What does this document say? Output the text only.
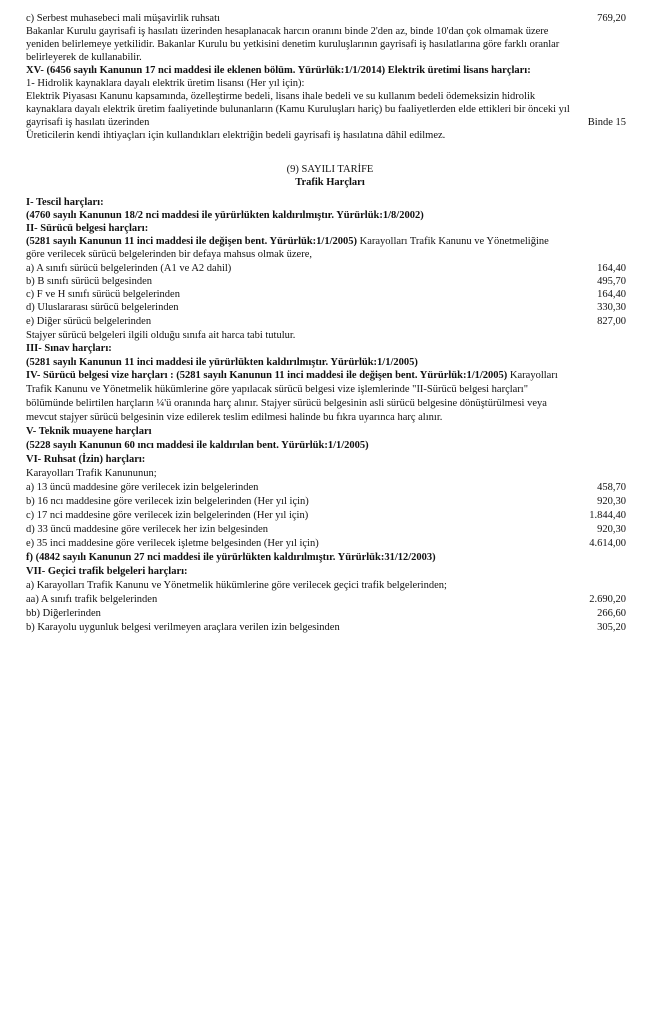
c) Serbest muhasebeci mali müşavirlik ruhsatı	769,20
Bakanlar Kurulu gayrisafi iş hasılatı üzerinden hesaplanacak harcın oranını binde 2'den az, binde 10'dan çok olmamak üzere
yeniden belirlemeye yetkilidir. Bakanlar Kurulu bu yetkisini denetim kuruluşlarının gayrisafi iş hasılatlarına göre farklı oranlar
belirleyerek de kullanabilir.
XV- (6456 sayılı Kanunun 17 nci maddesi ile eklenen bölüm. Yürürlük:1/1/2014) Elektrik üretimi lisans harçları:
1- Hidrolik kaynaklara dayalı elektrik üretim lisansı (Her yıl için):
Elektrik Piyasası Kanunu kapsamında, özelleştirme bedeli, lisans ihale bedeli ve su kullanım bedeli ödemeksizin hidrolik
kaynaklara dayalı elektrik üretim faaliyetinde bulunanların (Kamu Kuruluşları hariç) bu faaliyetlerden elde ettikleri bir önceki yıl
gayrisafi iş hasılatı üzerinden	Binde 15
Üreticilerin kendi ihtiyaçları için kullandıkları elektriğin bedeli gayrisafi iş hasılatına dâhil edilmez.
(9) SAYILI TARİFE
Trafik Harçları
I- Tescil harçları:
(4760 sayılı Kanunun 18/2 nci maddesi ile yürürlükten kaldırılmıştır. Yürürlük:1/8/2002)
II- Sürücü belgesi harçları:
(5281 sayılı Kanunun 11 inci maddesi ile değişen bent. Yürürlük:1/1/2005) Karayolları Trafik Kanunu ve Yönetmeliğine
göre verilecek sürücü belgelerinden bir defaya mahsus olmak üzere,
a) A sınıfı sürücü belgelerinden (A1 ve A2 dahil)	164,40
b) B sınıfı sürücü belgesinden	495,70
c) F ve H sınıfı sürücü belgelerinden	164,40
d) Uluslararası sürücü belgelerinden	330,30
e) Diğer sürücü belgelerinden	827,00
Stajyer sürücü belgeleri ilgili olduğu sınıfa ait harca tabi tutulur.
III- Sınav harçları:
(5281 sayılı Kanunun 11 inci maddesi ile yürürlükten kaldırılmıştır. Yürürlük:1/1/2005)
IV- Sürücü belgesi vize harçları : (5281 sayılı Kanunun 11 inci maddesi ile değişen bent. Yürürlük:1/1/2005) Karayolları
Trafik Kanunu ve Yönetmelik hükümlerine göre yapılacak sürücü belgesi vize işlemlerinde "II-Sürücü belgesi harçları"
bölümünde belirtilen harçların ¼'ü oranında harç alınır. Stajyer sürücü belgesinin asli sürücü belgesine dönüştürülmesi veya
mevcut stajyer sürücü belgesinin vize edilerek teslim edilmesi halinde bu fıkra uyarınca harç alınır.
V- Teknik muayene harçları
(5228 sayılı Kanunun 60 ıncı maddesi ile kaldırılan bent. Yürürlük:1/1/2005)
VI- Ruhsat (İzin) harçları:
Karayolları Trafik Kanununun;
a) 13 üncü maddesine göre verilecek izin belgelerinden	458,70
b) 16 ncı maddesine göre verilecek izin belgelerinden (Her yıl için)	920,30
c) 17 nci maddesine göre verilecek izin belgelerinden (Her yıl için)	1.844,40
d) 33 üncü maddesine göre verilecek her izin belgesinden	920,30
e) 35 inci maddesine göre verilecek işletme belgesinden (Her yıl için)	4.614,00
f) (4842 sayılı Kanunun 27 nci maddesi ile yürürlükten kaldırılmıştır. Yürürlük:31/12/2003)
VII- Geçici trafik belgeleri harçları:
a) Karayolları Trafik Kanunu ve Yönetmelik hükümlerine göre verilecek geçici trafik belgelerinden;
aa) A sınıfı trafik belgelerinden	2.690,20
bb) Diğerlerinden	266,60
b) Karayolu uygunluk belgesi verilmeyen araçlara verilen izin belgesinden	305,20
